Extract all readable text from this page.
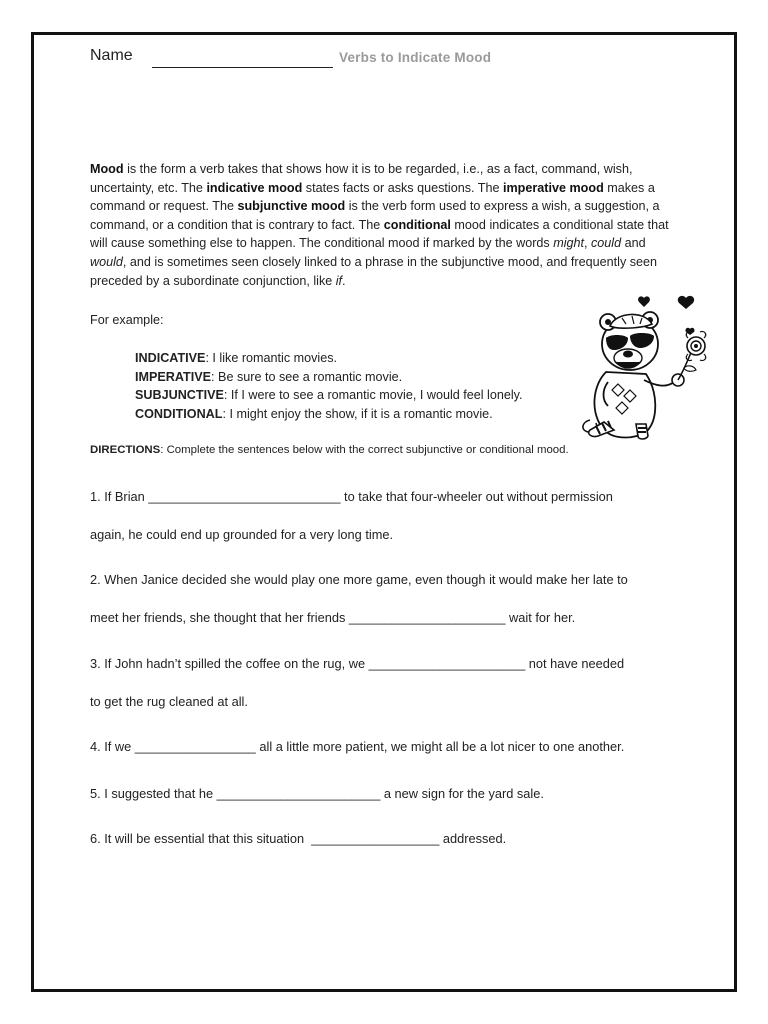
Name	Verbs to Indicate Mood
Mood is the form a verb takes that shows how it is to be regarded, i.e., as a fact, command, wish, uncertainty, etc. The indicative mood states facts or asks questions. The imperative mood makes a command or request. The subjunctive mood is the verb form used to express a wish, a suggestion, a command, or a condition that is contrary to fact. The conditional mood indicates a conditional state that will cause something else to happen. The conditional mood if marked by the words might, could and would, and is sometimes seen closely linked to a phrase in the subjunctive mood, and frequently seen preceded by a subordinate conjunction, like if.
For example:
INDICATIVE: I like romantic movies.
IMPERATIVE: Be sure to see a romantic movie.
SUBJUNCTIVE: If I were to see a romantic movie, I would feel lonely.
CONDITIONAL: I might enjoy the show, if it is a romantic movie.
DIRECTIONS: Complete the sentences below with the correct subjunctive or conditional mood.
1. If Brian ___________________________ to take that four-wheeler out without permission
again, he could end up grounded for a very long time.
2. When Janice decided she would play one more game, even though it would make her late to
meet her friends, she thought that her friends ______________________ wait for her.
3. If John hadn’t spilled the coffee on the rug, we ______________________ not have needed
to get the rug cleaned at all.
4. If we _________________ all a little more patient, we might all be a lot nicer to one another.
5. I suggested that he _______________________ a new sign for the yard sale.
6. It will be essential that this situation  __________________ addressed.
